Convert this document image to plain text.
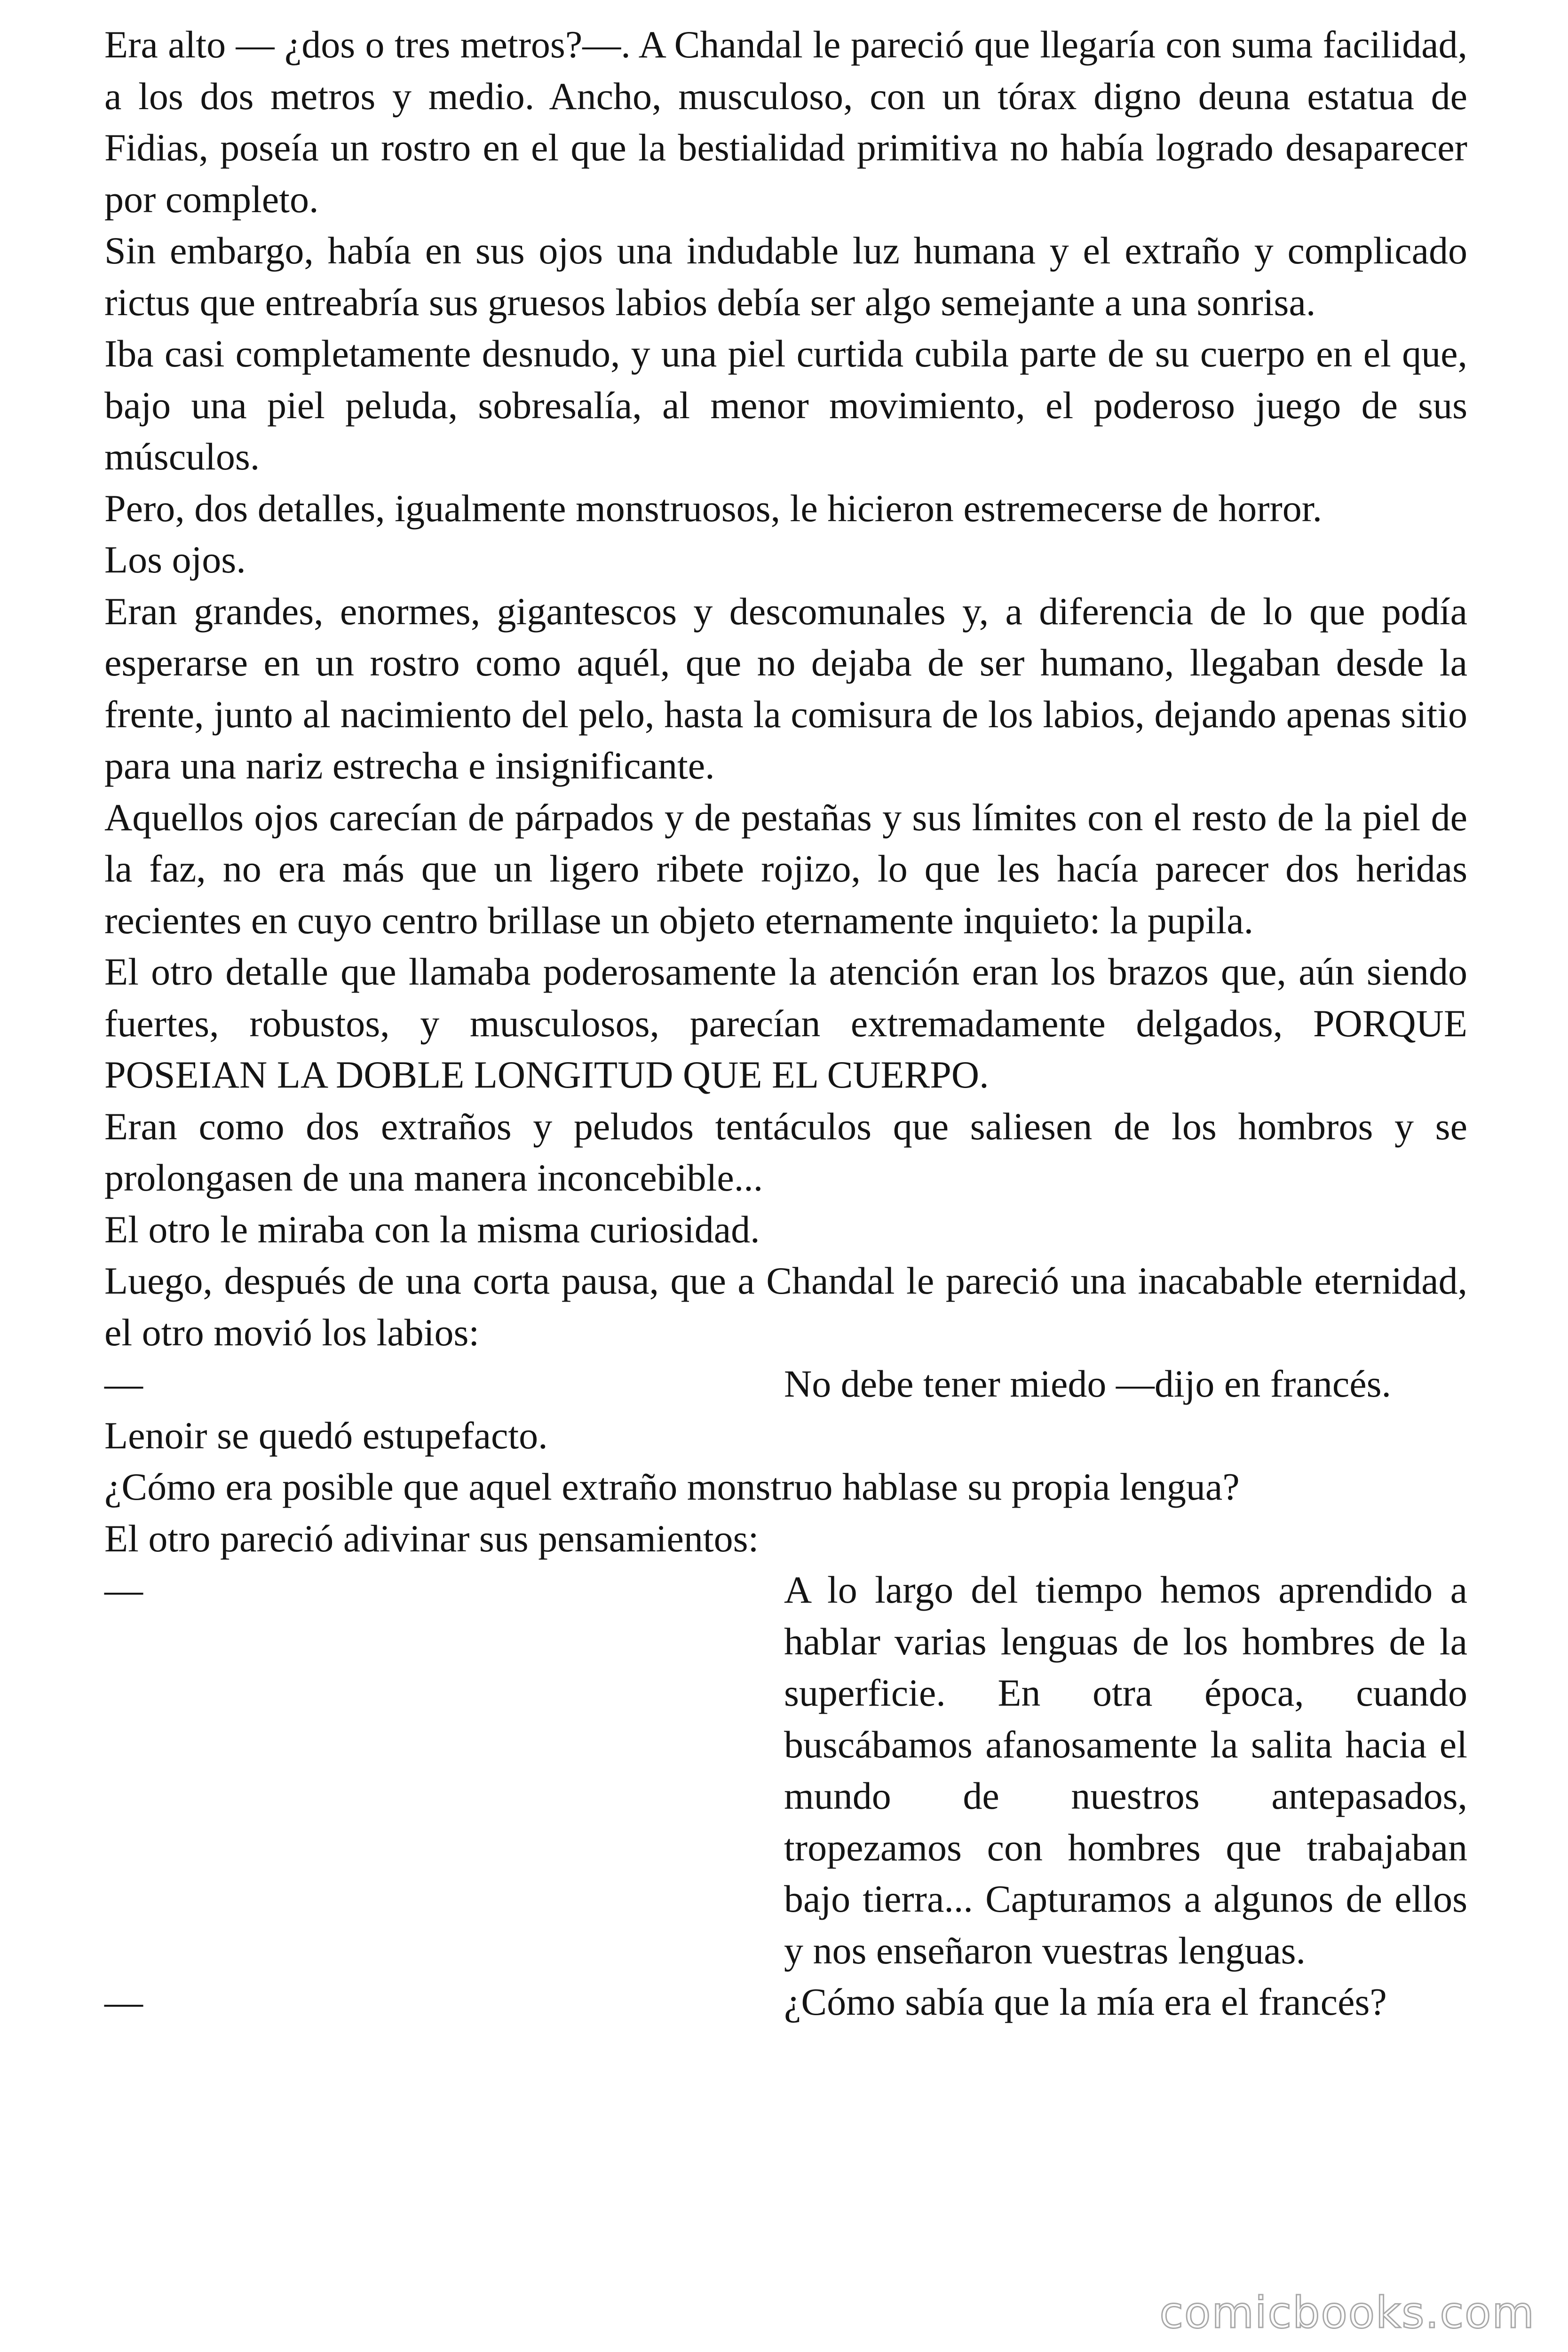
Era alto — ¿dos o tres metros?—. A Chandal le pareció que llegaría con suma facilidad, a los dos metros y medio. Ancho, musculoso, con un tórax digno deuna estatua de Fidias, poseía un rostro en el que la bestialidad primitiva no había logrado desaparecer por completo.

Sin embargo, había en sus ojos una indudable luz humana y el extraño y complicado rictus que entreabría sus gruesos labios debía ser algo semejante a una sonrisa.

Iba casi completamente desnudo, y una piel curtida cubila parte de su cuerpo en el que, bajo una piel peluda, sobresalía, al menor movimiento, el poderoso juego de sus músculos.

Pero, dos detalles, igualmente monstruosos, le hicieron estremecerse de horror.

Los ojos.

Eran grandes, enormes, gigantescos y descomunales y, a diferencia de lo que podía esperarse en un rostro como aquél, que no dejaba de ser humano, llegaban desde la frente, junto al nacimiento del pelo, hasta la comisura de los labios, dejando apenas sitio para una nariz estrecha e insignificante.

Aquellos ojos carecían de párpados y de pestañas y sus límites con el resto de la piel de la faz, no era más que un ligero ribete rojizo, lo que les hacía parecer dos heridas recientes en cuyo centro brillase un objeto eternamente inquieto: la pupila.

El otro detalle que llamaba poderosamente la atención eran los brazos que, aún siendo fuertes, robustos, y musculosos, parecían extremadamente delgados, PORQUE POSEIAN LA DOBLE LONGITUD QUE EL CUERPO.

Eran como dos extraños y peludos tentáculos que saliesen de los hombros y se prolongasen de una manera inconcebible...

El otro le miraba con la misma curiosidad.

Luego, después de una corta pausa, que a Chandal le pareció una inacabable eternidad, el otro movió los labios:

—	No debe tener miedo —dijo en francés.

Lenoir se quedó estupefacto.

¿Cómo era posible que aquel extraño monstruo hablase su propia lengua?

El otro pareció adivinar sus pensamientos:

—	A lo largo del tiempo hemos aprendido a hablar varias lenguas de los hombres de la superficie. En otra época, cuando buscábamos afanosamente la salita hacia el mundo de nuestros antepasados, tropezamos con hombres que trabajaban bajo tierra... Capturamos a algunos de ellos y nos enseñaron vuestras lenguas.

—	¿Cómo sabía que la mía era el francés?

comicbooks.com
